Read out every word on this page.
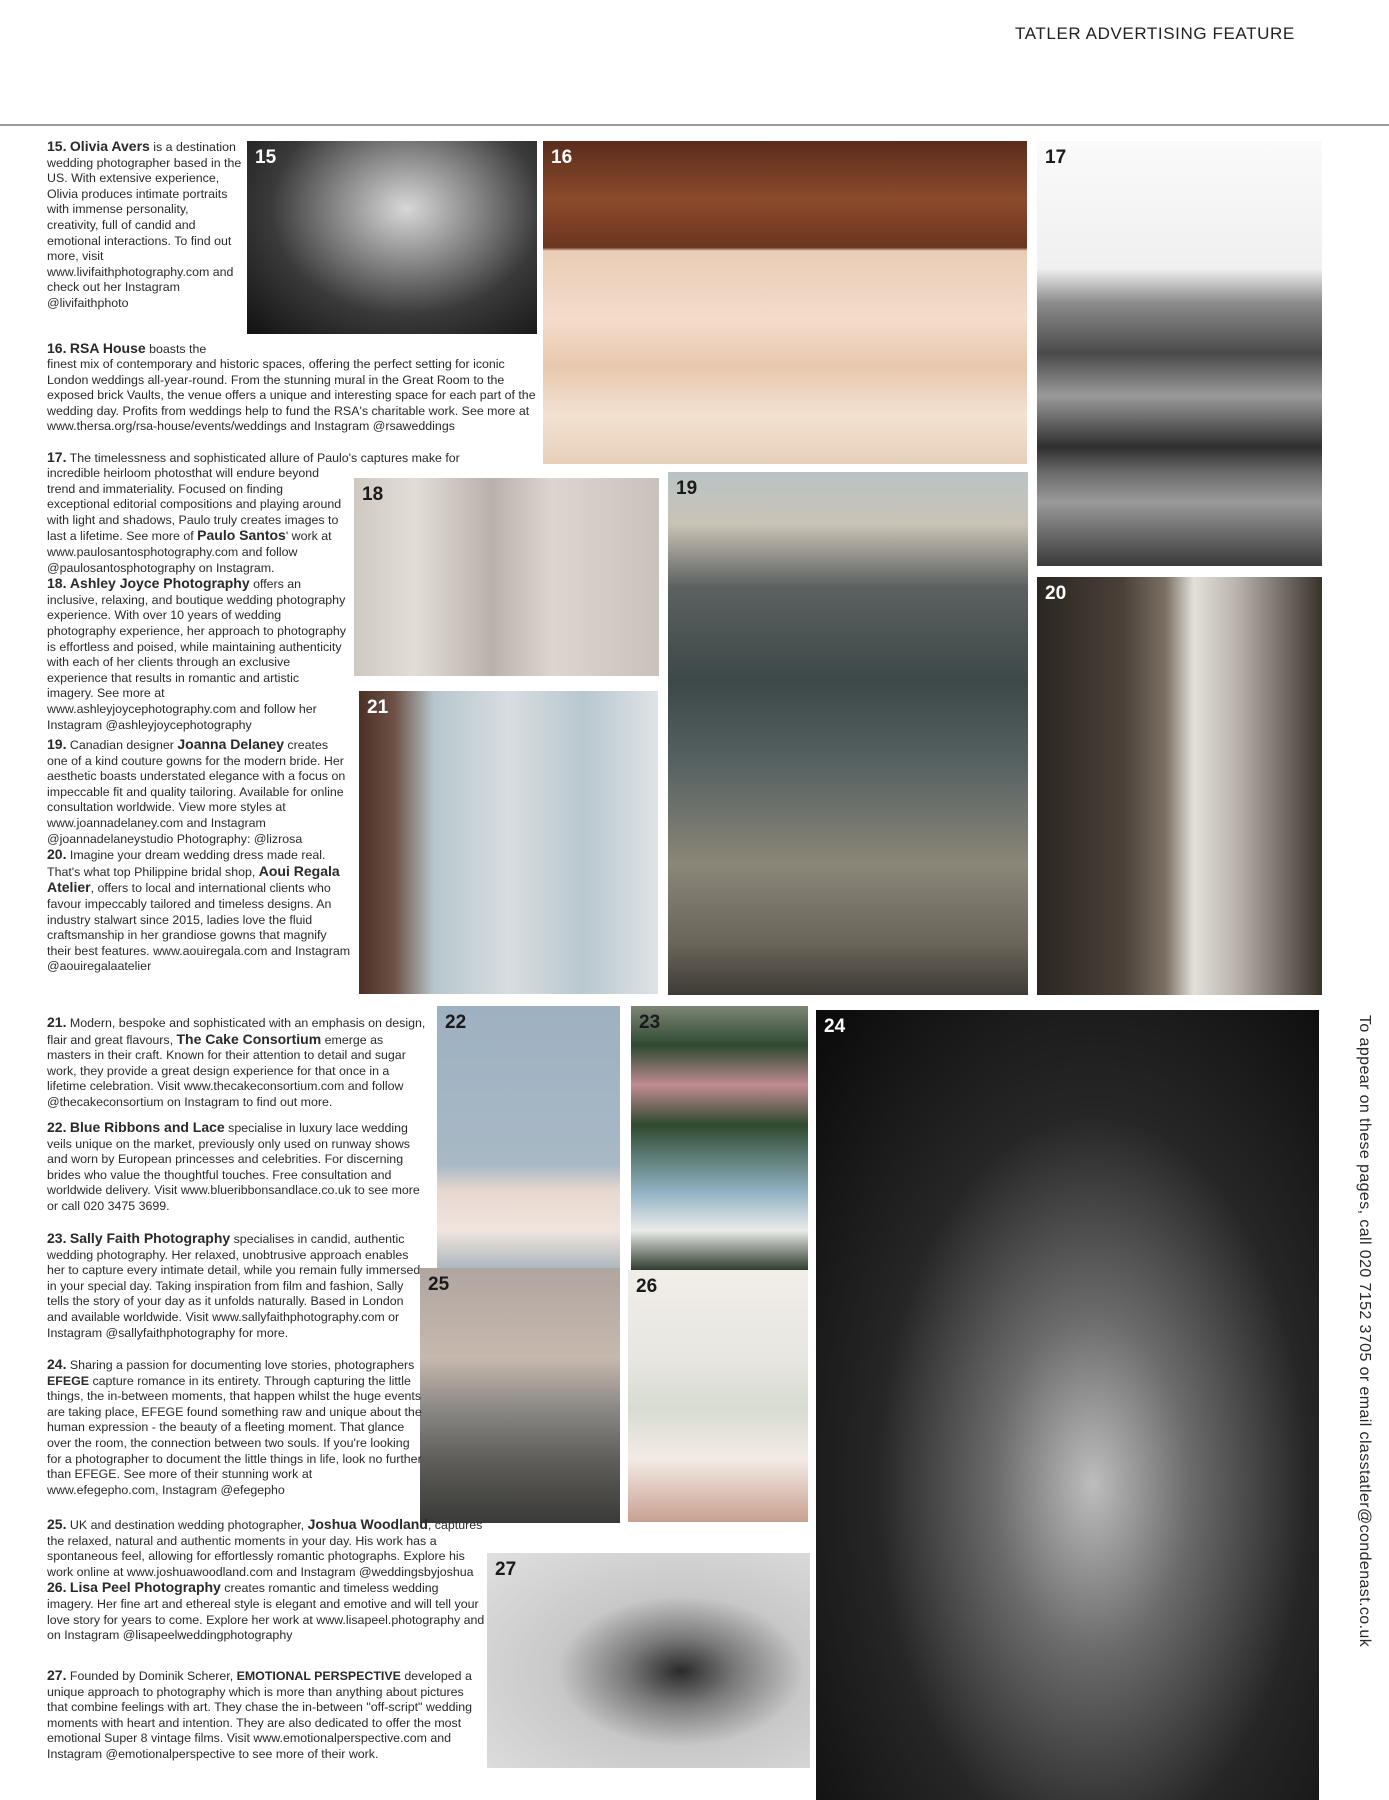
TATLER ADVERTISING FEATURE
15	16	17
18	19
20
21
22	23	24
25	26
27
15. Olivia Avers is a destination wedding photographer based in the US. With extensive experience, Olivia produces intimate portraits with immense personality, creativity, full of candid and emotional interactions. To find out more, visit www.livifaithphotography.com and check out her Instagram @livifaithphoto
16. RSA House boasts the
finest mix of contemporary and historic spaces, offering the perfect setting for iconic London weddings all-year-round. From the stunning mural in the Great Room to the exposed brick Vaults, the venue offers a unique and interesting space for each part of the wedding day. Profits from weddings help to fund the RSA's charitable work. See more at www.thersa.org/rsa-house/events/weddings and Instagram @rsaweddings
17. The timelessness and sophisticated allure of Paulo's captures make for
incredible heirloom photosthat will endure beyond trend and immateriality. Focused on finding exceptional editorial compositions and playing around with light and shadows, Paulo truly creates images to last a lifetime. See more of Paulo Santos' work at www.paulosantosphotography.com and follow @paulosantosphotography on Instagram.
18. Ashley Joyce Photography offers an inclusive, relaxing, and boutique wedding photography experience. With over 10 years of wedding photography experience, her approach to photography is effortless and poised, while maintaining authenticity with each of her clients through an exclusive experience that results in romantic and artistic imagery. See more at www.ashleyjoycephotography.com and follow her Instagram @ashleyjoycephotography
19. Canadian designer Joanna Delaney creates one of a kind couture gowns for the modern bride. Her aesthetic boasts understated elegance with a focus on impeccable fit and quality tailoring. Available for online consultation worldwide. View more styles at www.joannadelaney.com and Instagram @joannadelaneystudio Photography: @lizrosa
20. Imagine your dream wedding dress made real. That's what top Philippine bridal shop, Aoui Regala Atelier, offers to local and international clients who favour impeccably tailored and timeless designs. An industry stalwart since 2015, ladies love the fluid craftsmanship in her grandiose gowns that magnify their best features. www.aouiregala.com and Instagram @aouiregalaatelier
21. Modern, bespoke and sophisticated with an emphasis on design, flair and great flavours, The Cake Consortium emerge as masters in their craft. Known for their attention to detail and sugar work, they provide a great design experience for that once in a lifetime celebration. Visit www.thecakeconsortium.com and follow @thecakeconsortium on Instagram to find out more.
22. Blue Ribbons and Lace specialise in luxury lace wedding veils unique on the market, previously only used on runway shows and worn by European princesses and celebrities. For discerning brides who value the thoughtful touches. Free consultation and worldwide delivery. Visit www.blueribbonsandlace.co.uk to see more or call 020 3475 3699.
23. Sally Faith Photography specialises in candid, authentic wedding photography. Her relaxed, unobtrusive approach enables her to capture every intimate detail, while you remain fully immersed in your special day. Taking inspiration from film and fashion, Sally tells the story of your day as it unfolds naturally. Based in London and available worldwide. Visit www.sallyfaithphotography.com or Instagram @sallyfaithphotography for more.
24. Sharing a passion for documenting love stories, photographers EFEGE capture romance in its entirety. Through capturing the little things, the in-between moments, that happen whilst the huge events are taking place, EFEGE found something raw and unique about the human expression - the beauty of a fleeting moment. That glance over the room, the connection between two souls. If you're looking for a photographer to document the little things in life, look no further than EFEGE. See more of their stunning work at www.efegepho.com, Instagram @efegepho
25. UK and destination wedding photographer, Joshua Woodland, captures the relaxed, natural and authentic moments in your day. His work has a spontaneous feel, allowing for effortlessly romantic photographs. Explore his work online at www.joshuawoodland.com and Instagram @weddingsbyjoshua
26. Lisa Peel Photography creates romantic and timeless wedding imagery. Her fine art and ethereal style is elegant and emotive and will tell your love story for years to come. Explore her work at www.lisapeel.photography and on Instagram @lisapeelweddingphotography
27. Founded by Dominik Scherer, EMOTIONAL PERSPECTIVE developed a unique approach to photography which is more than anything about pictures that combine feelings with art. They chase the in-between "off-script" wedding moments with heart and intention. They are also dedicated to offer the most emotional Super 8 vintage films. Visit www.emotionalperspective.com and Instagram @emotionalperspective to see more of their work.
To appear on these pages, call 020 7152 3705 or email classtatler@condenast.co.uk
